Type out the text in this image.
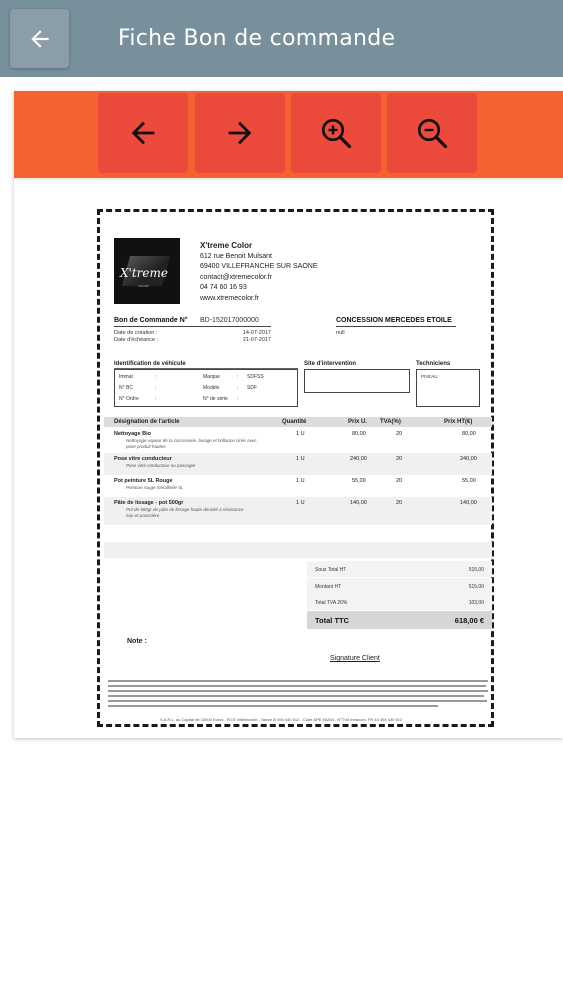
Fiche Bon de commande
X'treme
COLOR
X'treme Color
612 rue Benoit Mulsant
69400 VILLEFRANCHE SUR SAONE
contact@xtremecolor.fr
04 74 60 16 93
www.xtremecolor.fr
Bon de Commande N° BD-152017000000
Date de création :	14-07-2017
Date d'échéance :	21-07-2017
CONCESSION MERCEDES ETOILE
null
Identification de véhicule	Site d'intervention	Techniciens
Immat	:	Marque	: SDFSS
N° BC	:	Modèle	: SDF
N° Ordre	:	N° de série :
PIVEAU
Désignation de l'article	Quantité	Prix U. TVA(%)	Prix HT(€)
Nettoyage Bio
Nettoyage vapeur de la carrosserie, lavage et brillance cirée avec pose produit hautes.
1 U	80,00	20	80,00
Pose vitre conducteur
Pose vitre conducteur ou passager
1 U	240,00	20	240,00
Pot peinture 5L Rouge
Peinture rouge métallisée 5L
1 U	55,00	20	55,00
Pâte de lissage - pot 500gr
Pot de 500gr de pâte de lissage haute densité à résistance eau et poussière
1 U	140,00	20	140,00
Sous Total HT	515,00
Montant HT	515,00
Total TVA 20%	103,00
Total TTC	618,00 €
Note :
Signature Client
S.A.R.L. au Capital de 10000 Euros - RCS Villefranche - Tarare B 494 440 512 - Code APE 4520A - N°TVA Intracom. FR 44 494 440 512
